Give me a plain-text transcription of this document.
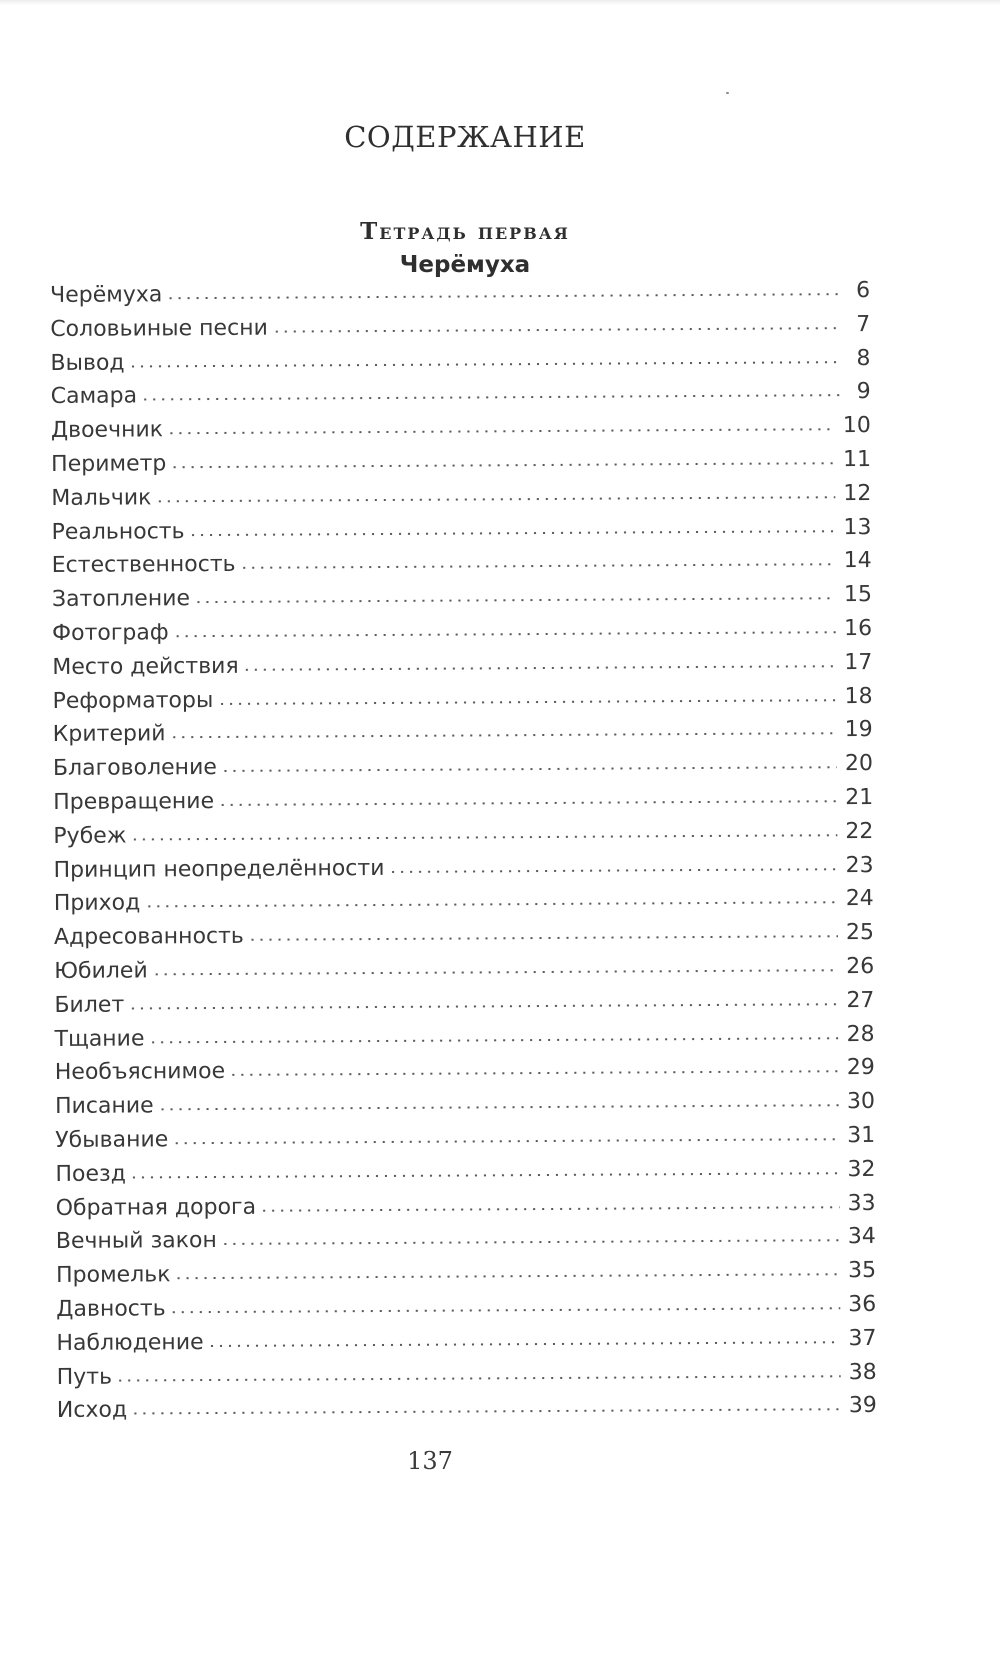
СОДЕРЖАНИЕ
Тетрадь первая
Черёмуха
Черёмуха	6
Соловьиные песни	7
Вывод	8
Самара	9
Двоечник	10
Периметр	11
Мальчик	12
Реальность	13
Естественность	14
Затопление	15
Фотограф	16
Место действия	17
Реформаторы	18
Критерий	19
Благоволение	20
Превращение	21
Рубеж	22
Принцип неопределённости	23
Приход	24
Адресованность	25
Юбилей	26
Билет	27
Тщание	28
Необъяснимое	29
Писание	30
Убывание	31
Поезд	32
Обратная дорога	33
Вечный закон	34
Промельк	35
Давность	36
Наблюдение	37
Путь	38
Исход	39
137
